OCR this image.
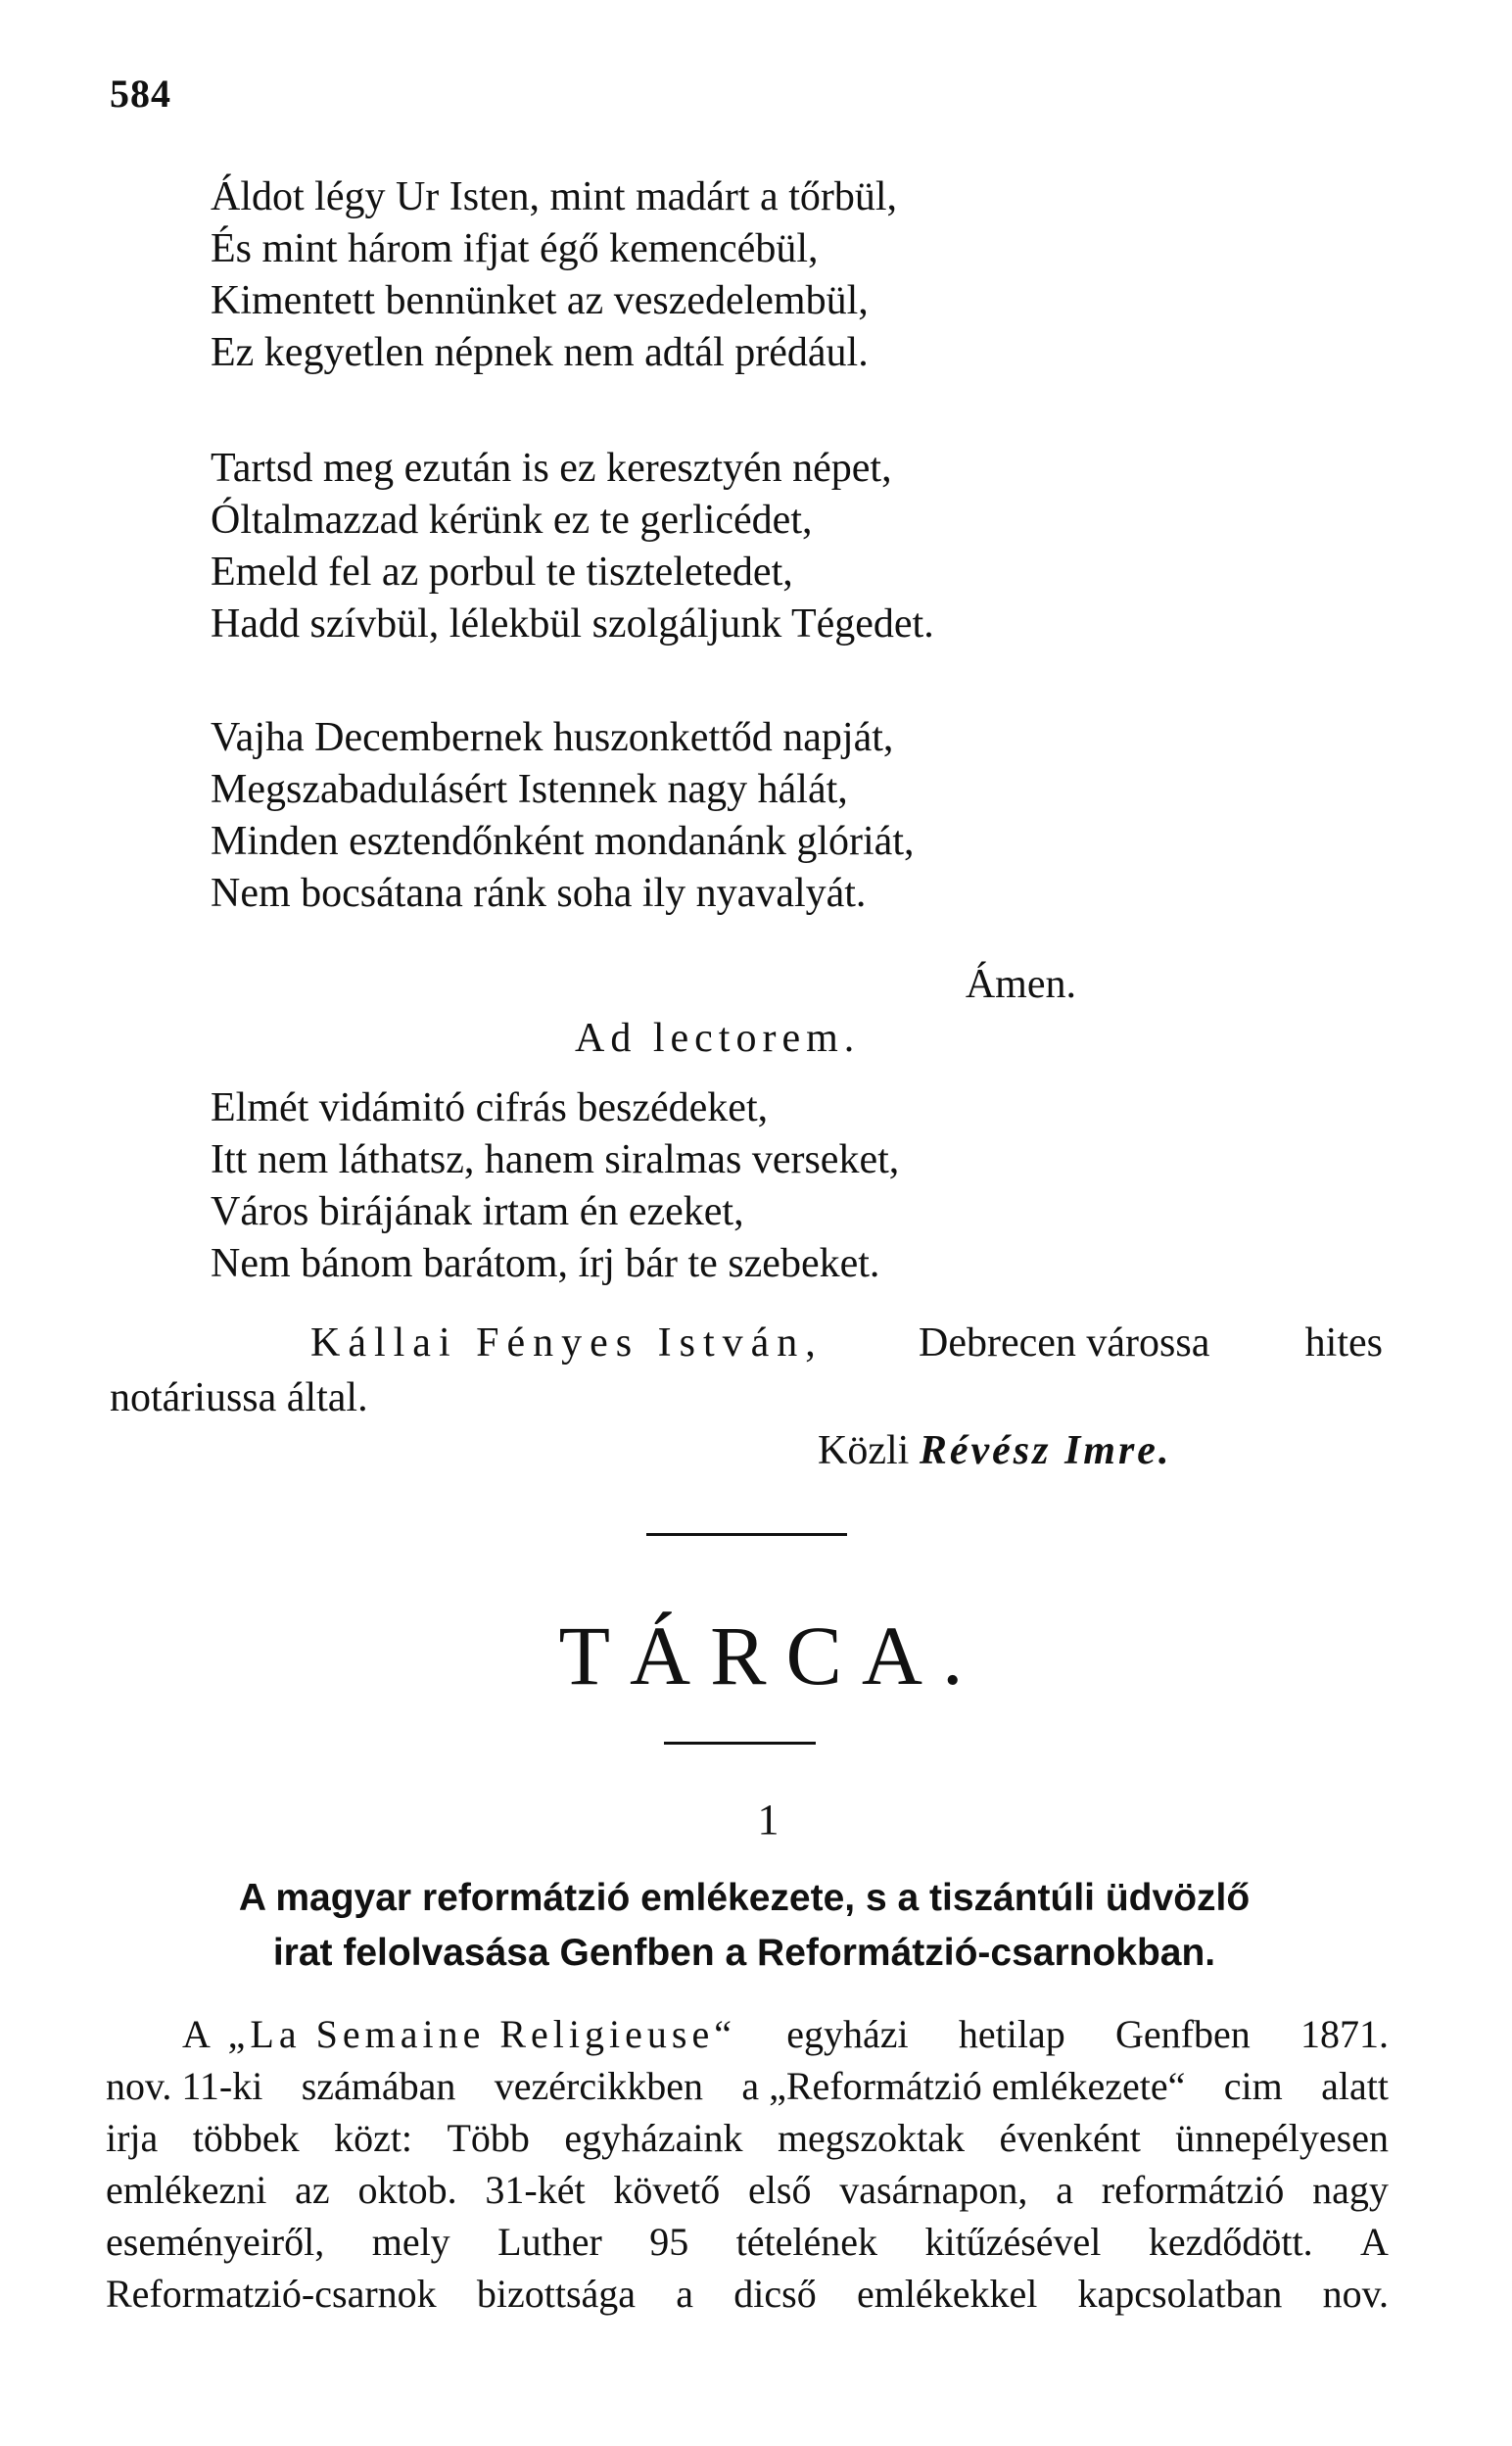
584
Áldot légy Ur Isten, mint madárt a tőrbül,
És mint három ifjat égő kemencébül,
Kimentett bennünket az veszedelembül,
Ez kegyetlen népnek nem adtál prédául.
Tartsd meg ezután is ez keresztyén népet,
Óltalmazzad kérünk ez te gerlicédet,
Emeld fel az porbul te tiszteletedet,
Hadd szívbül, lélekbül szolgáljunk Tégedet.
Vajha Decembernek huszonkettőd napját,
Megszabadulásért Istennek nagy hálát,
Minden esztendőnként mondanánk glóriát,
Nem bocsátana ránk soha ily nyavalyát.
Ámen.
Ad lectorem.
Elmét vidámitó cifrás beszédeket,
Itt nem láthatsz, hanem siralmas verseket,
Város birájának irtam én ezeket,
Nem bánom barátom, írj bár te szebeket.
Kállai Fényes István, Debrecen várossa hites
notáriussa által.
Közli Révész Imre.
TÁRCA.
1
A magyar reformátzió emlékezete, s a tiszántúli üdvözlő
irat felolvasása Genfben a Reformátzió-csarnokban.
A „La Semaine Religieuse“ egyházi hetilap Genfben 1871.
nov. 11-ki számában vezércikkben a „Reformátzió emlékezete“ cim alatt
irja többek közt: Több egyházaink megszoktak évenként ünnepélyesen
emlékezni az oktob. 31-két követő első vasárnapon, a reformátzió nagy
eseményeiről, mely Luther 95 tételének kitűzésével kezdődött. A
Reformatzió-csarnok bizottsága a dicső emlékekkel kapcsolatban nov.
